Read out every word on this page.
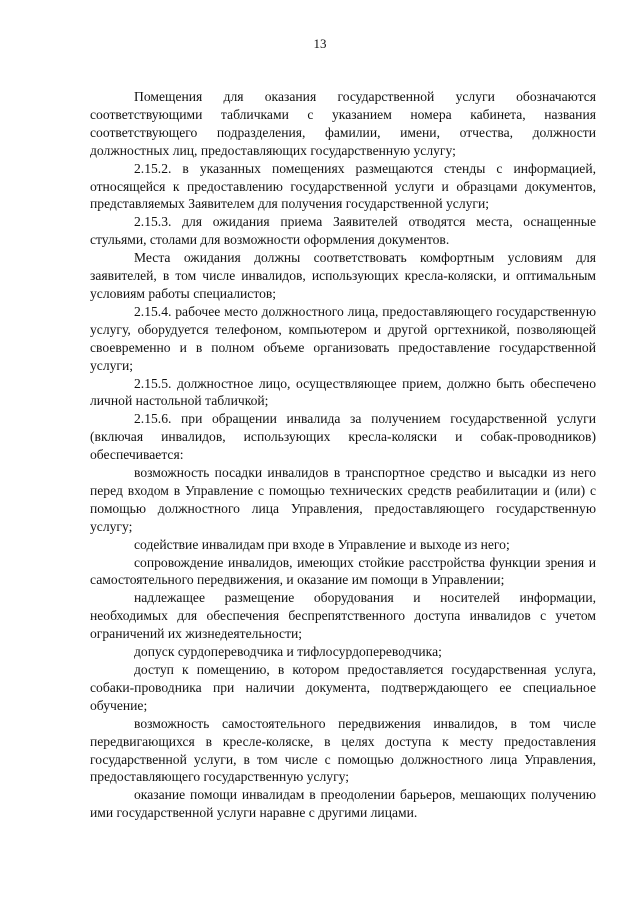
13

Помещения для оказания государственной услуги обозначаются соответствующими табличками с указанием номера кабинета, названия соответствующего подразделения, фамилии, имени, отчества, должности должностных лиц, предоставляющих государственную услугу;

2.15.2. в указанных помещениях размещаются стенды с информацией, относящейся к предоставлению государственной услуги и образцами документов, представляемых Заявителем для получения государственной услуги;

2.15.3. для ожидания приема Заявителей отводятся места, оснащенные стульями, столами для возможности оформления документов.

Места ожидания должны соответствовать комфортным условиям для заявителей, в том числе инвалидов, использующих кресла-коляски, и оптимальным условиям работы специалистов;

2.15.4. рабочее место должностного лица, предоставляющего государственную услугу, оборудуется телефоном, компьютером и другой оргтехникой, позволяющей своевременно и в полном объеме организовать предоставление государственной услуги;

2.15.5. должностное лицо, осуществляющее прием, должно быть обеспечено личной настольной табличкой;

2.15.6. при обращении инвалида за получением государственной услуги (включая инвалидов, использующих кресла-коляски и собак-проводников) обеспечивается:

возможность посадки инвалидов в транспортное средство и высадки из него перед входом в Управление с помощью технических средств реабилитации и (или) с помощью должностного лица Управления, предоставляющего государственную услугу;

содействие инвалидам при входе в Управление и выходе из него;

сопровождение инвалидов, имеющих стойкие расстройства функции зрения и самостоятельного передвижения, и оказание им помощи в Управлении;

надлежащее размещение оборудования и носителей информации, необходимых для обеспечения беспрепятственного доступа инвалидов с учетом ограничений их жизнедеятельности;

допуск сурдопереводчика и тифлосурдопереводчика;

доступ к помещению, в котором предоставляется государственная услуга, собаки-проводника при наличии документа, подтверждающего ее специальное обучение;

возможность самостоятельного передвижения инвалидов, в том числе передвигающихся в кресле-коляске, в целях доступа к месту предоставления государственной услуги, в том числе с помощью должностного лица Управления, предоставляющего государственную услугу;

оказание помощи инвалидам в преодолении барьеров, мешающих получению ими государственной услуги наравне с другими лицами.
